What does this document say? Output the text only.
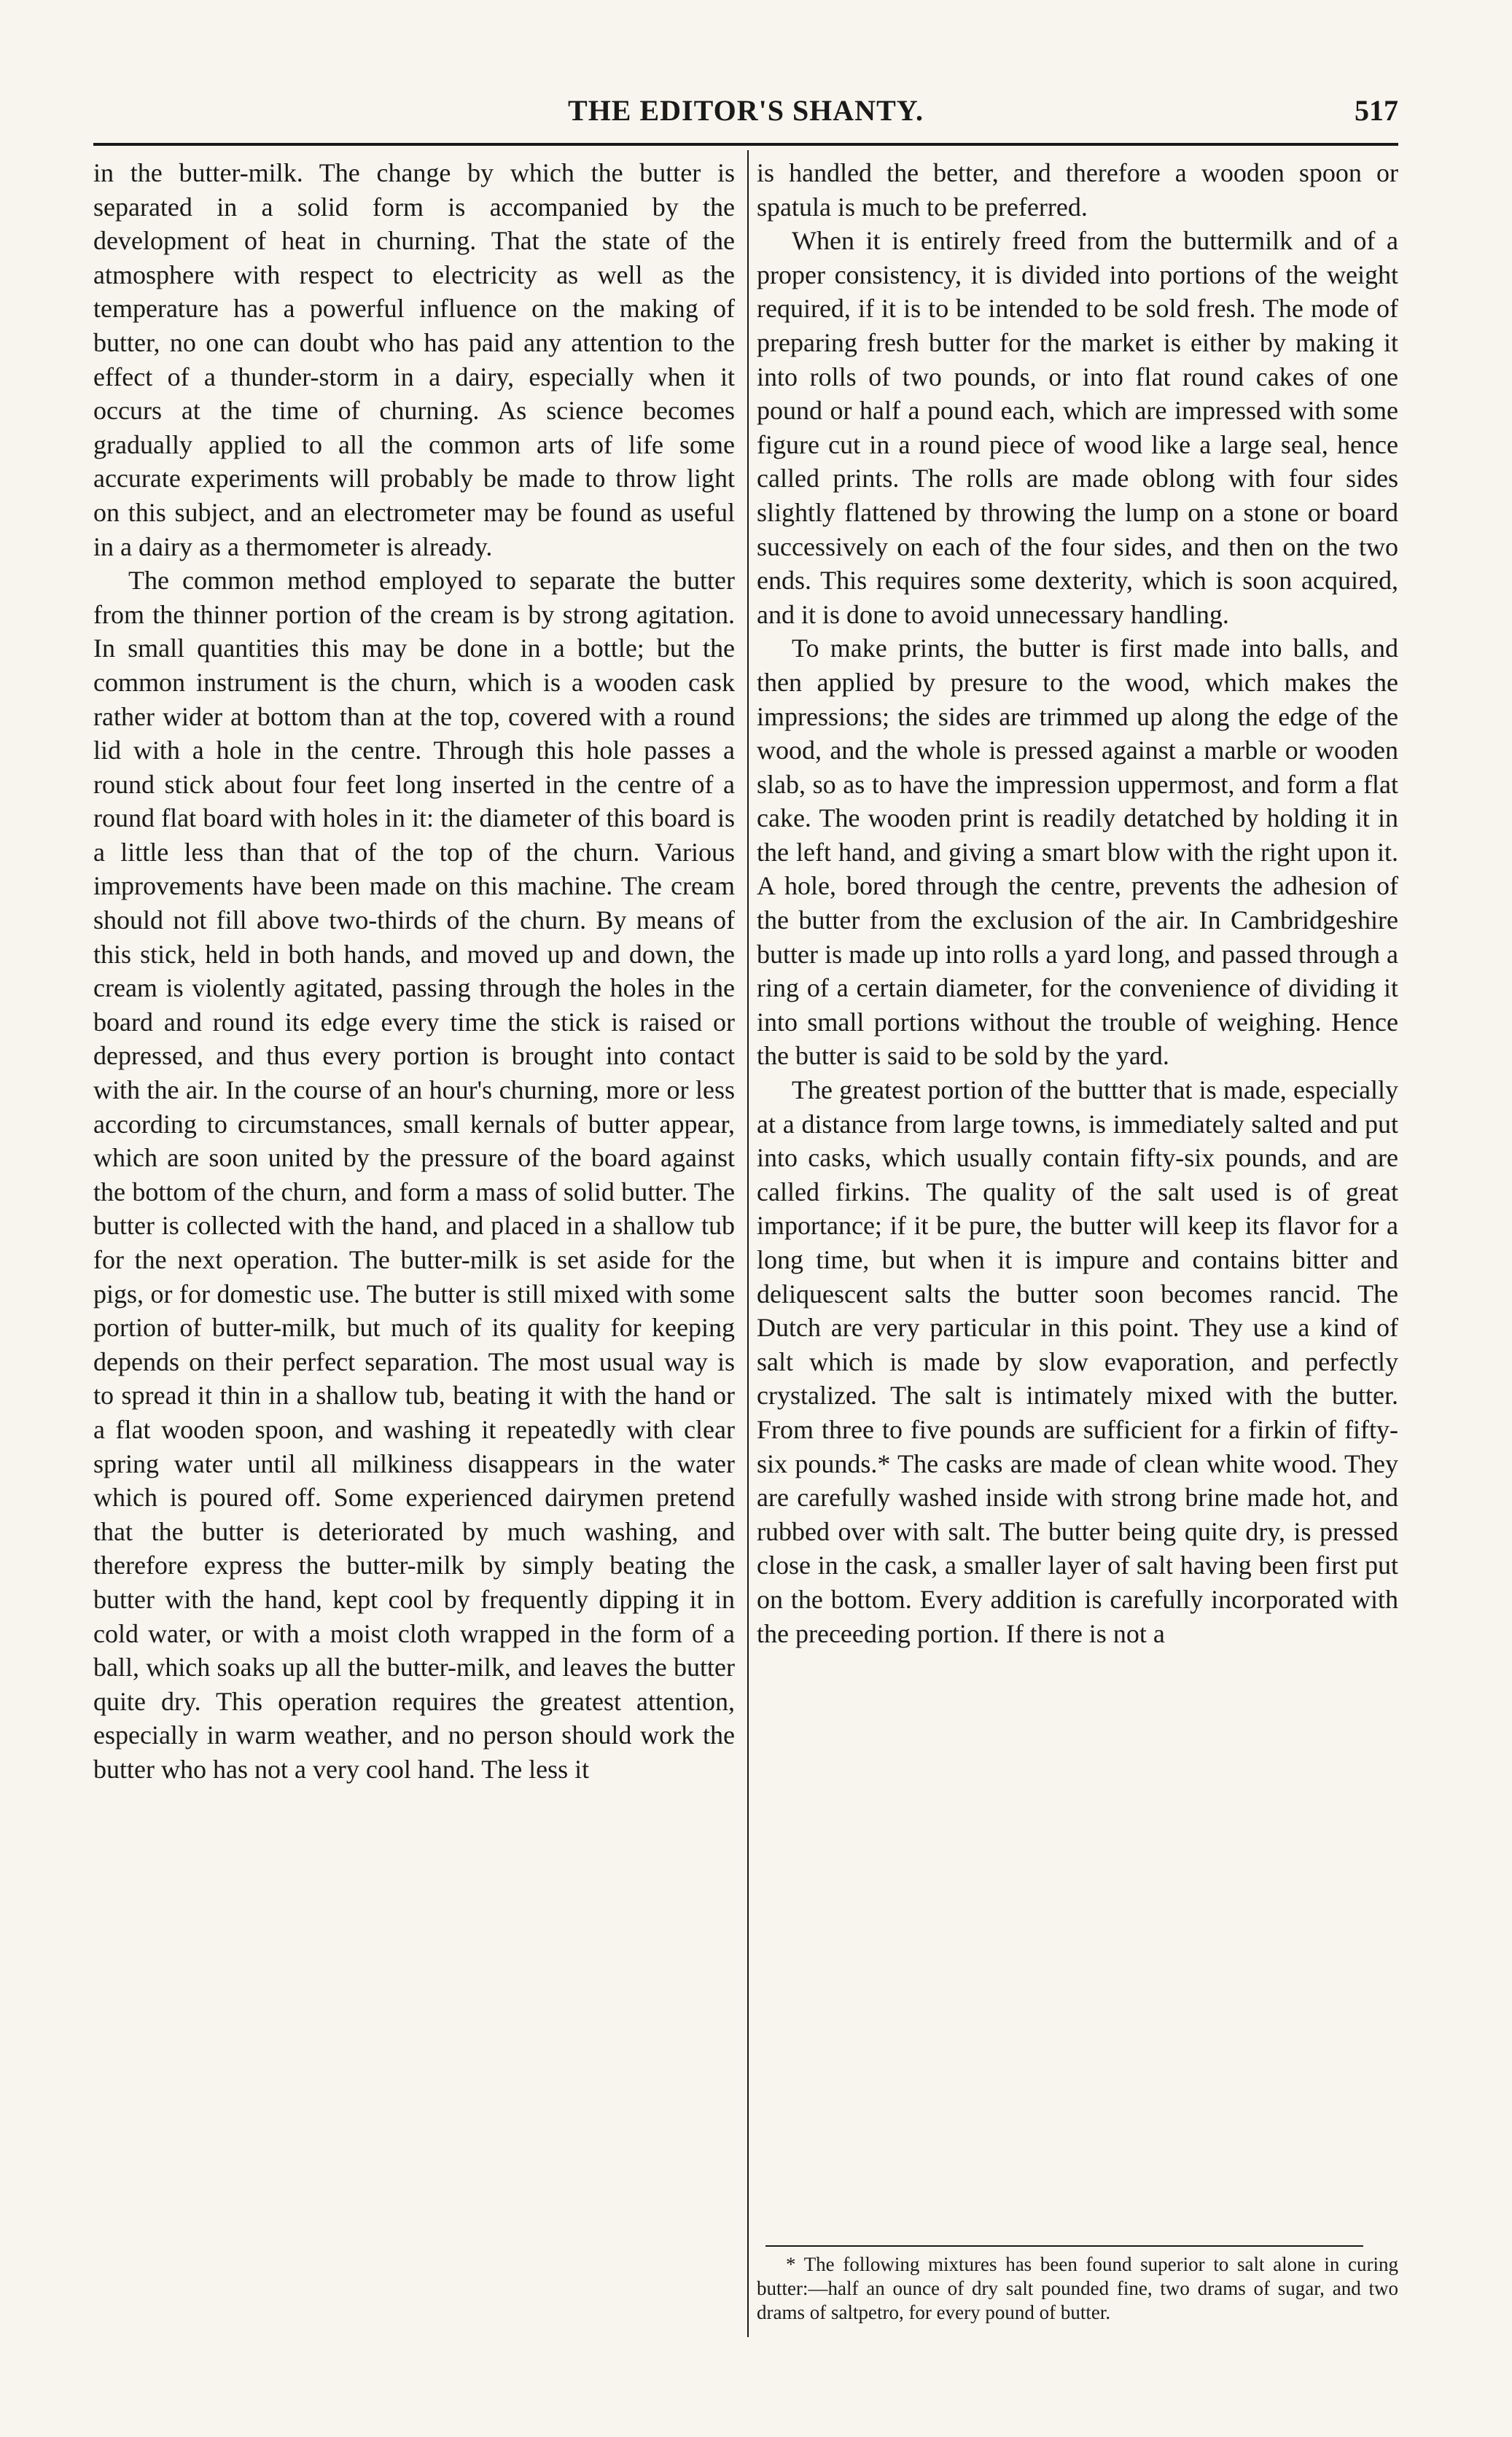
THE EDITOR'S SHANTY.	517

in the butter-milk. The change by which the butter is separated in a solid form is accompanied by the development of heat in churning. That the state of the atmosphere with respect to electricity as well as the temperature has a powerful influence on the making of butter, no one can doubt who has paid any attention to the effect of a thunder-storm in a dairy, especially when it occurs at the time of churning. As science becomes gradually applied to all the common arts of life some accurate experiments will probably be made to throw light on this subject, and an electrometer may be found as useful in a dairy as a thermometer is already.

The common method employed to separate the butter from the thinner portion of the cream is by strong agitation. In small quantities this may be done in a bottle; but the common instrument is the churn, which is a wooden cask rather wider at bottom than at the top, covered with a round lid with a hole in the centre. Through this hole passes a round stick about four feet long inserted in the centre of a round flat board with holes in it: the diameter of this board is a little less than that of the top of the churn. Various improvements have been made on this machine. The cream should not fill above two-thirds of the churn. By means of this stick, held in both hands, and moved up and down, the cream is violently agitated, passing through the holes in the board and round its edge every time the stick is raised or depressed, and thus every portion is brought into contact with the air. In the course of an hour's churning, more or less according to circumstances, small kernals of butter appear, which are soon united by the pressure of the board against the bottom of the churn, and form a mass of solid butter. The butter is collected with the hand, and placed in a shallow tub for the next operation. The butter-milk is set aside for the pigs, or for domestic use. The butter is still mixed with some portion of butter-milk, but much of its quality for keeping depends on their perfect separation. The most usual way is to spread it thin in a shallow tub, beating it with the hand or a flat wooden spoon, and washing it repeatedly with clear spring water until all milkiness disappears in the water which is poured off. Some experienced dairymen pretend that the butter is deteriorated by much washing, and therefore express the butter-milk by simply beating the butter with the hand, kept cool by frequently dipping it in cold water, or with a moist cloth wrapped in the form of a ball, which soaks up all the butter-milk, and leaves the butter quite dry. This operation requires the greatest attention, especially in warm weather, and no person should work the butter who has not a very cool hand. The less it

is handled the better, and therefore a wooden spoon or spatula is much to be preferred.

When it is entirely freed from the buttermilk and of a proper consistency, it is divided into portions of the weight required, if it is to be intended to be sold fresh. The mode of preparing fresh butter for the market is either by making it into rolls of two pounds, or into flat round cakes of one pound or half a pound each, which are impressed with some figure cut in a round piece of wood like a large seal, hence called prints. The rolls are made oblong with four sides slightly flattened by throwing the lump on a stone or board successively on each of the four sides, and then on the two ends. This requires some dexterity, which is soon acquired, and it is done to avoid unnecessary handling.

To make prints, the butter is first made into balls, and then applied by presure to the wood, which makes the impressions; the sides are trimmed up along the edge of the wood, and the whole is pressed against a marble or wooden slab, so as to have the impression uppermost, and form a flat cake. The wooden print is readily detatched by holding it in the left hand, and giving a smart blow with the right upon it. A hole, bored through the centre, prevents the adhesion of the butter from the exclusion of the air. In Cambridgeshire butter is made up into rolls a yard long, and passed through a ring of a certain diameter, for the convenience of dividing it into small portions without the trouble of weighing. Hence the butter is said to be sold by the yard.

The greatest portion of the buttter that is made, especially at a distance from large towns, is immediately salted and put into casks, which usually contain fifty-six pounds, and are called firkins. The quality of the salt used is of great importance; if it be pure, the butter will keep its flavor for a long time, but when it is impure and contains bitter and deliquescent salts the butter soon becomes rancid. The Dutch are very particular in this point. They use a kind of salt which is made by slow evaporation, and perfectly crystalized. The salt is intimately mixed with the butter. From three to five pounds are sufficient for a firkin of fifty-six pounds.* The casks are made of clean white wood. They are carefully washed inside with strong brine made hot, and rubbed over with salt. The butter being quite dry, is pressed close in the cask, a smaller layer of salt having been first put on the bottom. Every addition is carefully incorporated with the preceeding portion. If there is not a

* The following mixtures has been found superior to salt alone in curing butter:—half an ounce of dry salt pounded fine, two drams of sugar, and two drams of saltpetro, for every pound of butter.
